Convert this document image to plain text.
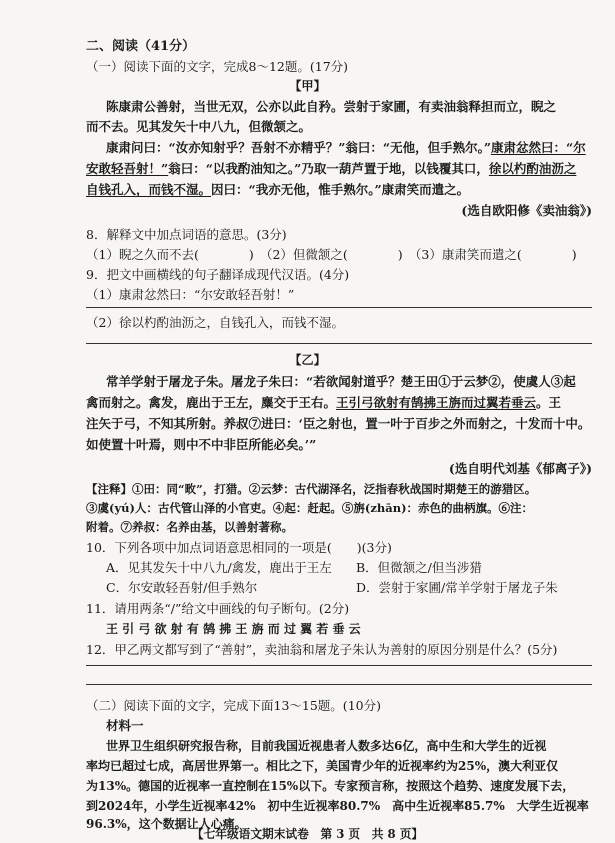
二、阅读（41分）
（一）阅读下面的文字，完成8～12题。(17分)
【甲】
陈康肃公善射，当世无双，公亦以此自矜。尝射于家圃，有卖油翁释担而立，睨之
而不去。见其发矢十中八九，但微颔之。
康肃问曰：“汝亦知射乎？吾射不亦精乎？”翁曰：“无他，但手熟尔。”康肃忿然曰：“尔
安敢轻吾射！”翁曰：“以我酌油知之。”乃取一葫芦置于地，以钱覆其口，徐以杓酌油沥之
自钱孔入，而钱不湿。因曰：“我亦无他，惟手熟尔。”康肃笑而遣之。
(选自欧阳修《卖油翁》)
8．解释文中加点词语的意思。(3分)
（1）睨之久而不去(　　　　)　（2）但微颔之(　　　　)　（3）康肃笑而遣之(　　　　)
9．把文中画横线的句子翻译成现代汉语。(4分)
（1）康肃忿然曰：“尔安敢轻吾射！”
（2）徐以杓酌油沥之，自钱孔入，而钱不湿。
【乙】
常羊学射于屠龙子朱。屠龙子朱曰：“若欲闻射道乎？楚王田①于云梦②，使虞人③起
禽而射之。禽发，鹿出于王左，麋交于王右。王引弓欲射有鹄拂王旃而过翼若垂云。王
注矢于弓，不知其所射。养叔⑦进曰：‘臣之射也，置一叶于百步之外而射之，十发而十中。
如使置十叶焉，则中不中非臣所能必矣。’”
(选自明代刘基《郁离子》)
【注释】①田：同“畋”，打猎。②云梦：古代湖泽名，泛指春秋战国时期楚王的游猎区。
③虞(yú)人：古代管山泽的小官吏。④起：赶起。⑤旃(zhān)：赤色的曲柄旗。⑥注：
附着。⑦养叔：名养由基，以善射著称。
10．下列各项中加点词语意思相同的一项是(　　)(3分)
A．见其发矢十中八九/禽发，鹿出于王左 B．但微颔之/但当涉猎
C．尔安敢轻吾射/但手熟尔	D．尝射于家圃/常羊学射于屠龙子朱
11．请用两条“/”给文中画线的句子断句。(2分)
王 引 弓 欲 射 有 鹄 拂 王 旃 而 过 翼 若 垂 云
12．甲乙两文都写到了“善射”，卖油翁和屠龙子朱认为善射的原因分别是什么？(5分)
（二）阅读下面的文字，完成下面13～15题。(10分)
材料一
世界卫生组织研究报告称，目前我国近视患者人数多达6亿，高中生和大学生的近视
率均已超过七成，高居世界第一。相比之下，美国青少年的近视率约为25%，澳大利亚仅
为13%。德国的近视率一直控制在15%以下。专家预言称，按照这个趋势、速度发展下去，
到2024年，小学生近视率42%　初中生近视率80.7%　高中生近视率85.7%　大学生近视率
96.3%，这个数据让人心痛。
【七年级语文期末试卷　第 3 页　共 8 页】
